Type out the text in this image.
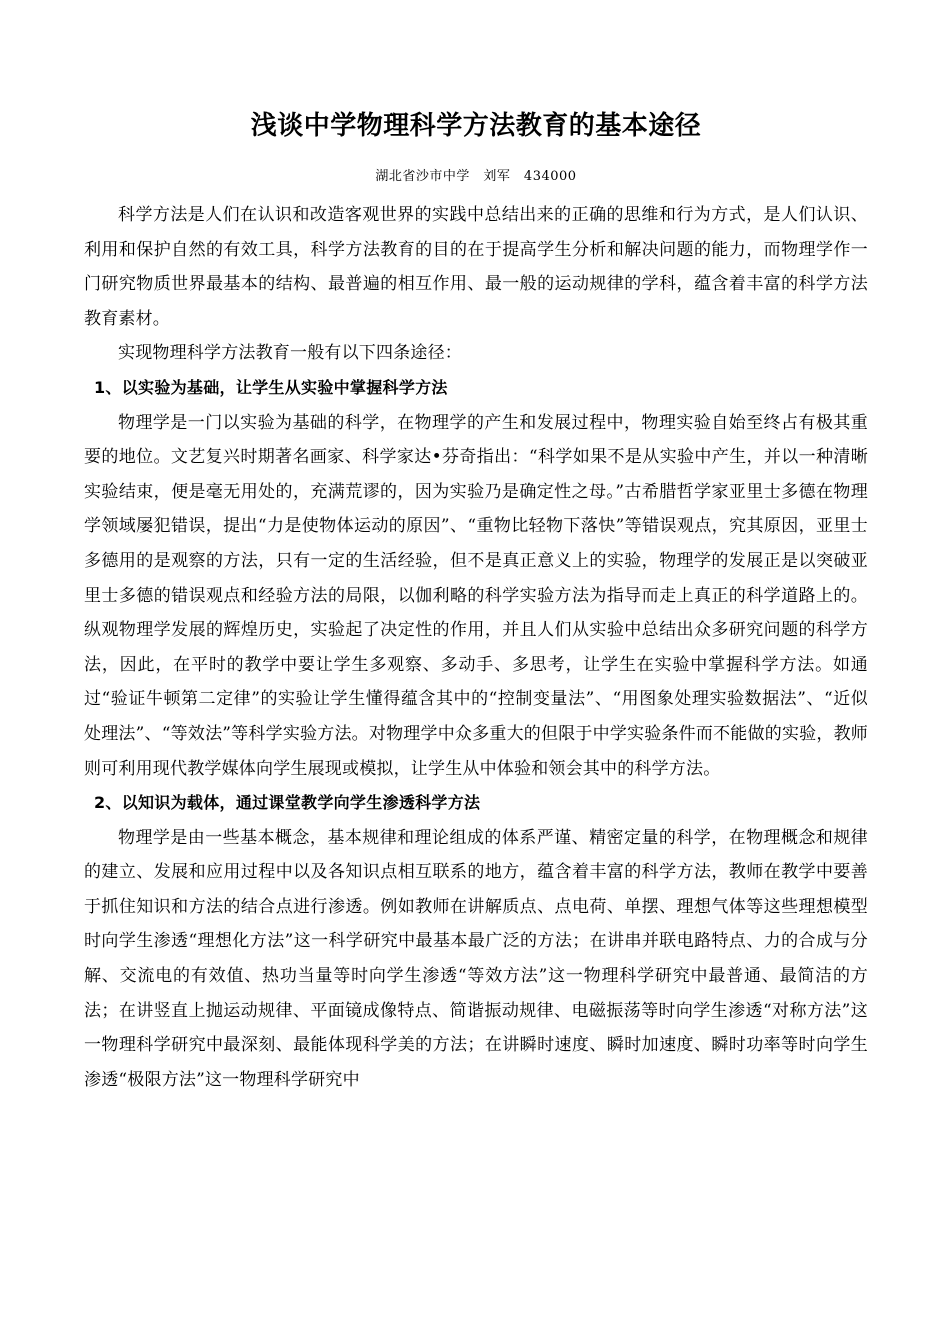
浅谈中学物理科学方法教育的基本途径
湖北省沙市中学　刘军　434000

科学方法是人们在认识和改造客观世界的实践中总结出来的正确的思维和行为方式，是人们认识、利用和保护自然的有效工具，科学方法教育的目的在于提高学生分析和解决问题的能力，而物理学作一门研究物质世界最基本的结构、最普遍的相互作用、最一般的运动规律的学科，蕴含着丰富的科学方法教育素材。

实现物理科学方法教育一般有以下四条途径：

1、以实验为基础，让学生从实验中掌握科学方法

物理学是一门以实验为基础的科学，在物理学的产生和发展过程中，物理实验自始至终占有极其重要的地位。文艺复兴时期著名画家、科学家达•芬奇指出：“科学如果不是从实验中产生，并以一种清晰实验结束，便是毫无用处的，充满荒谬的，因为实验乃是确定性之母。”古希腊哲学家亚里士多德在物理学领域屡犯错误，提出“力是使物体运动的原因”、“重物比轻物下落快”等错误观点，究其原因，亚里士多德用的是观察的方法，只有一定的生活经验，但不是真正意义上的实验，物理学的发展正是以突破亚里士多德的错误观点和经验方法的局限，以伽利略的科学实验方法为指导而走上真正的科学道路上的。纵观物理学发展的辉煌历史，实验起了决定性的作用，并且人们从实验中总结出众多研究问题的科学方法，因此，在平时的教学中要让学生多观察、多动手、多思考，让学生在实验中掌握科学方法。如通过“验证牛顿第二定律”的实验让学生懂得蕴含其中的“控制变量法”、“用图象处理实验数据法”、“近似处理法”、“等效法”等科学实验方法。对物理学中众多重大的但限于中学实验条件而不能做的实验，教师则可利用现代教学媒体向学生展现或模拟，让学生从中体验和领会其中的科学方法。

2、以知识为载体，通过课堂教学向学生渗透科学方法

物理学是由一些基本概念，基本规律和理论组成的体系严谨、精密定量的科学，在物理概念和规律的建立、发展和应用过程中以及各知识点相互联系的地方，蕴含着丰富的科学方法，教师在教学中要善于抓住知识和方法的结合点进行渗透。例如教师在讲解质点、点电荷、单摆、理想气体等这些理想模型时向学生渗透“理想化方法”这一科学研究中最基本最广泛的方法；在讲串并联电路特点、力的合成与分解、交流电的有效值、热功当量等时向学生渗透“等效方法”这一物理科学研究中最普通、最简洁的方法；在讲竖直上抛运动规律、平面镜成像特点、简谐振动规律、电磁振荡等时向学生渗透“对称方法”这一物理科学研究中最深刻、最能体现科学美的方法；在讲瞬时速度、瞬时加速度、瞬时功率等时向学生渗透“极限方法”这一物理科学研究中
